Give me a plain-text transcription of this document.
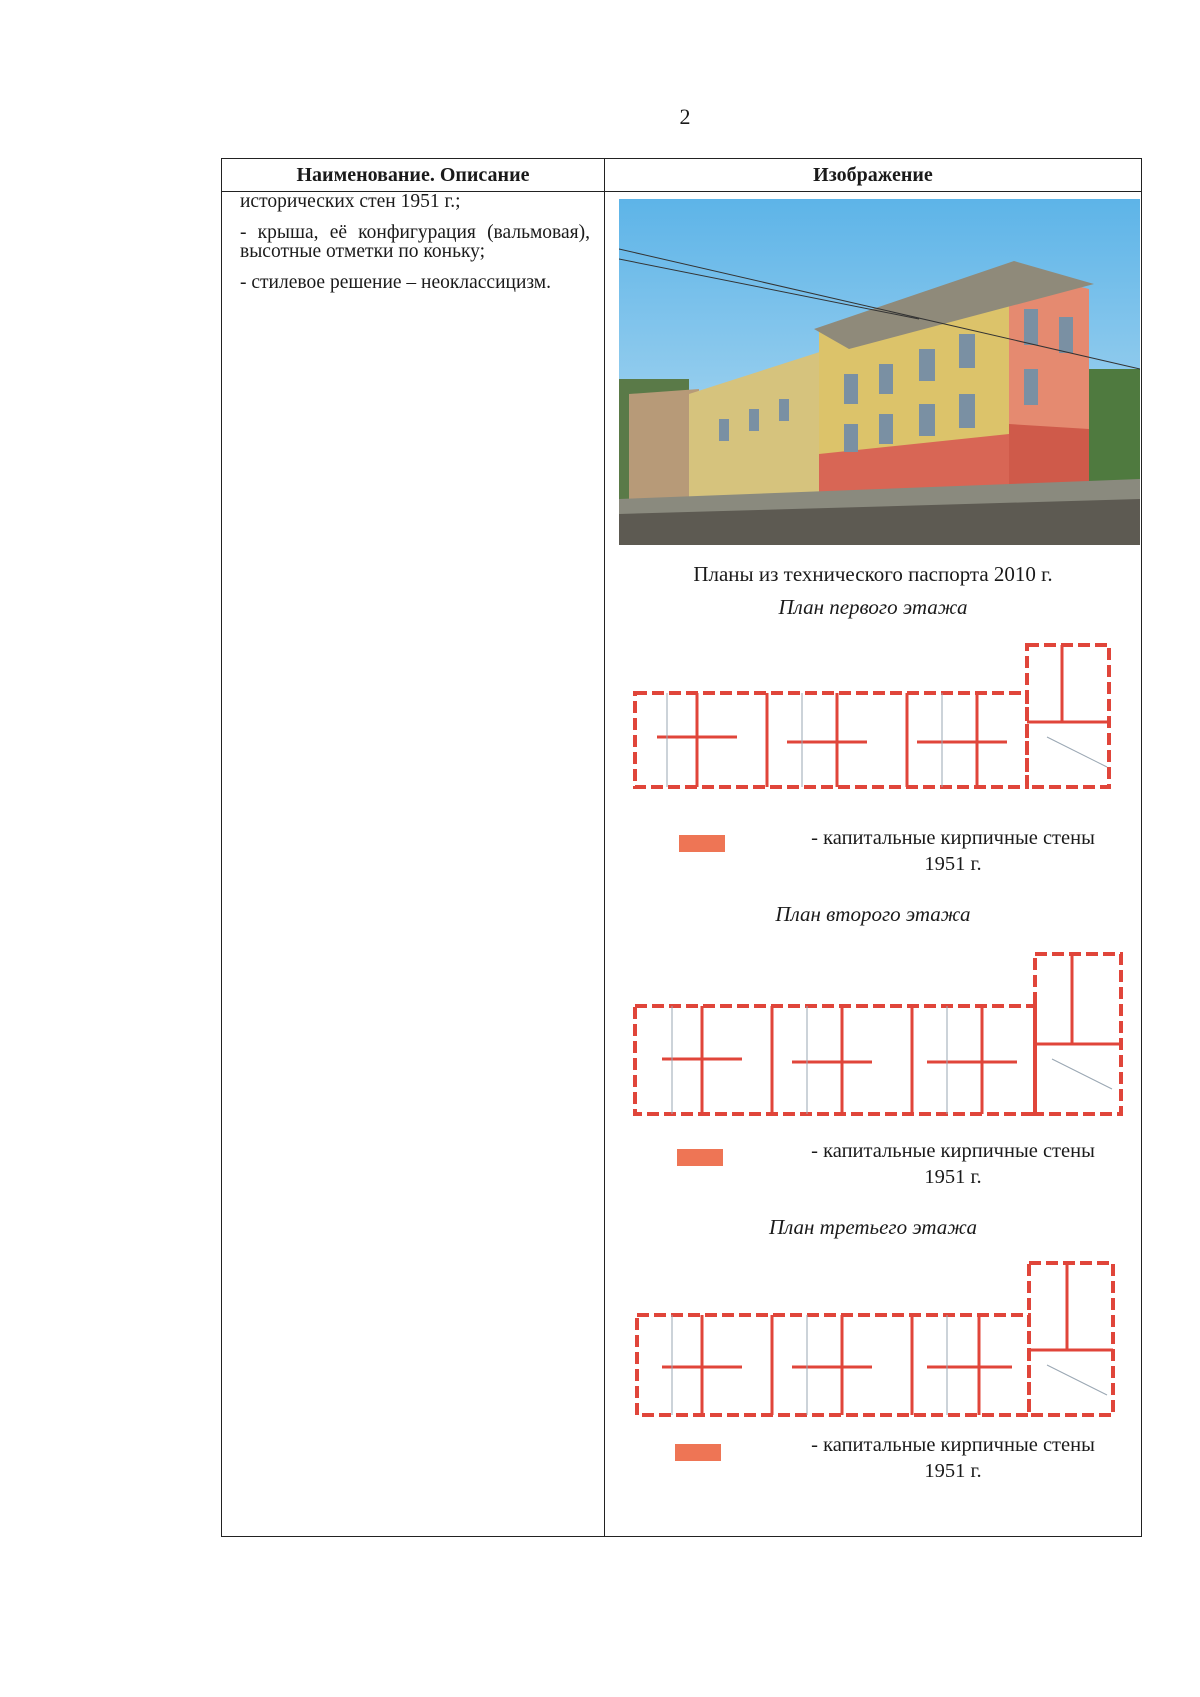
2
Наименование. Описание	Изображение

исторических стен 1951 г.;

- крыша, её конфигурация (вальмовая), высотные отметки по коньку;

- стилевое решение – неоклассицизм.

Планы из технического паспорта 2010 г.
План первого этажа
- капитальные кирпичные стены
1951 г.
План второго этажа
- капитальные кирпичные стены
1951 г.
План третьего этажа
- капитальные кирпичные стены
1951 г.
